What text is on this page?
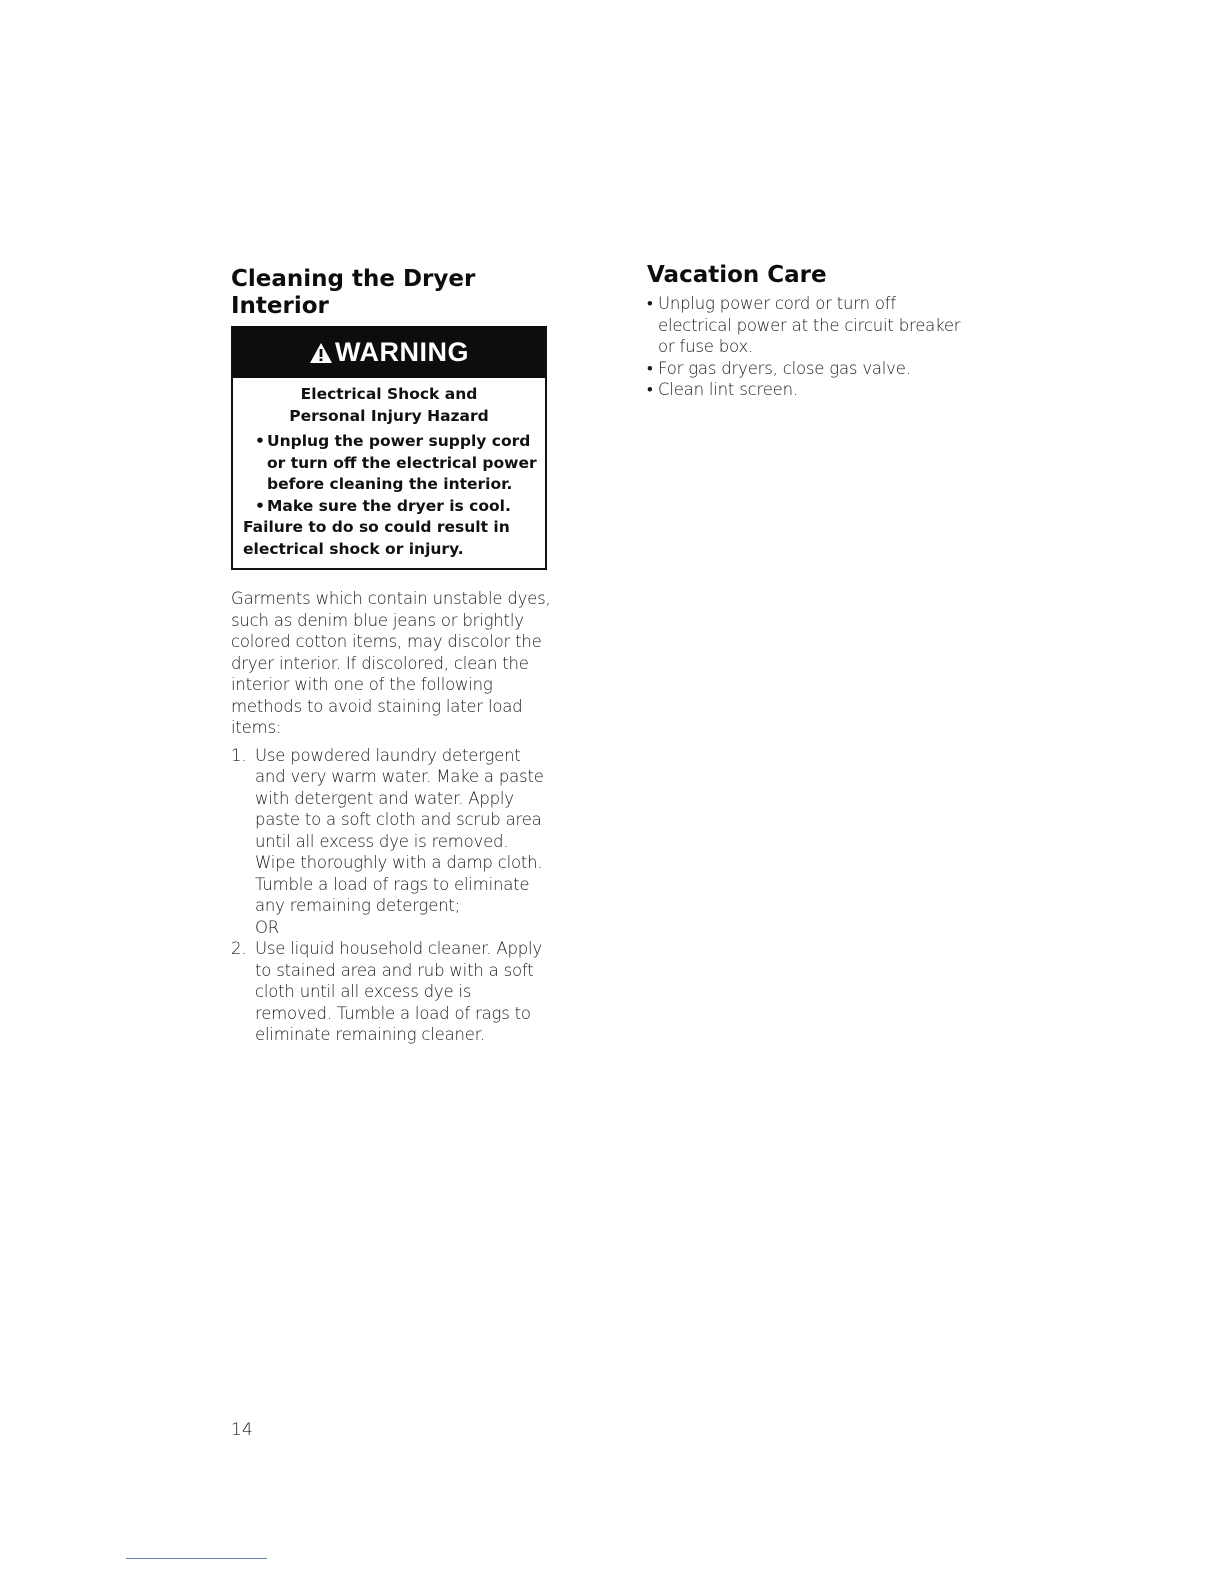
Cleaning the Dryer
Interior
WARNING
Electrical Shock and
Personal Injury Hazard
• Unplug the power supply cord or turn off the electrical power before cleaning the interior.
• Make sure the dryer is cool.
Failure to do so could result in electrical shock or injury.

Garments which contain unstable dyes, such as denim blue jeans or brightly colored cotton items, may discolor the dryer interior. If discolored, clean the interior with one of the following methods to avoid staining later load items:

1. Use powdered laundry detergent and very warm water. Make a paste with detergent and water. Apply paste to a soft cloth and scrub area until all excess dye is removed. Wipe thoroughly with a damp cloth. Tumble a load of rags to eliminate any remaining detergent;
OR
2. Use liquid household cleaner. Apply to stained area and rub with a soft cloth until all excess dye is removed. Tumble a load of rags to eliminate remaining cleaner.
Vacation Care
• Unplug power cord or turn off electrical power at the circuit breaker or fuse box.
• For gas dryers, close gas valve.
• Clean lint screen.
14
